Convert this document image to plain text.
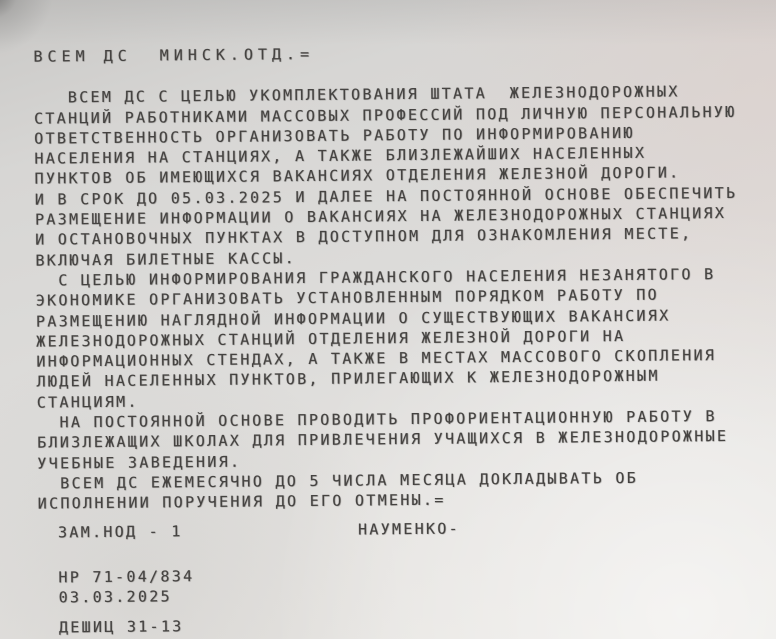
ВСЕМ ДС  МИНСК.ОТД.=
ВСЕМ ДС С ЦЕЛЬЮ УКОМПЛЕКТОВАНИЯ ШТАТА  ЖЕЛЕЗНОДОРОЖНЫХ
СТАНЦИЙ РАБОТНИКАМИ МАССОВЫХ ПРОФЕССИЙ ПОД ЛИЧНУЮ ПЕРСОНАЛЬНУЮ
ОТВЕТСТВЕННОСТЬ ОРГАНИЗОВАТЬ РАБОТУ ПО ИНФОРМИРОВАНИЮ
НАСЕЛЕНИЯ НА СТАНЦИЯХ, А ТАКЖЕ БЛИЗЛЕЖАЙШИХ НАСЕЛЕННЫХ
ПУНКТОВ ОБ ИМЕЮЩИХСЯ ВАКАНСИЯХ ОТДЕЛЕНИЯ ЖЕЛЕЗНОЙ ДОРОГИ.
И В СРОК ДО 05.03.2025 И ДАЛЕЕ НА ПОСТОЯННОЙ ОСНОВЕ ОБЕСПЕЧИТЬ
РАЗМЕЩЕНИЕ ИНФОРМАЦИИ О ВАКАНСИЯХ НА ЖЕЛЕЗНОДОРОЖНЫХ СТАНЦИЯХ
И ОСТАНОВОЧНЫХ ПУНКТАХ В ДОСТУПНОМ ДЛЯ ОЗНАКОМЛЕНИЯ МЕСТЕ,
ВКЛЮЧАЯ БИЛЕТНЫЕ КАССЫ.
С ЦЕЛЬЮ ИНФОРМИРОВАНИЯ ГРАЖДАНСКОГО НАСЕЛЕНИЯ НЕЗАНЯТОГО В
ЭКОНОМИКЕ ОРГАНИЗОВАТЬ УСТАНОВЛЕННЫМ ПОРЯДКОМ РАБОТУ ПО
РАЗМЕЩЕНИЮ НАГЛЯДНОЙ ИНФОРМАЦИИ О СУЩЕСТВУЮЩИХ ВАКАНСИЯХ
ЖЕЛЕЗНОДОРОЖНЫХ СТАНЦИЙ ОТДЕЛЕНИЯ ЖЕЛЕЗНОЙ ДОРОГИ НА
ИНФОРМАЦИОННЫХ СТЕНДАХ, А ТАКЖЕ В МЕСТАХ МАССОВОГО СКОПЛЕНИЯ
ЛЮДЕЙ НАСЕЛЕННЫХ ПУНКТОВ, ПРИЛЕГАЮЩИХ К ЖЕЛЕЗНОДОРОЖНЫМ
СТАНЦИЯМ.
НА ПОСТОЯННОЙ ОСНОВЕ ПРОВОДИТЬ ПРОФОРИЕНТАЦИОННУЮ РАБОТУ В
БЛИЗЛЕЖАЩИХ ШКОЛАХ ДЛЯ ПРИВЛЕЧЕНИЯ УЧАЩИХСЯ В ЖЕЛЕЗНОДОРОЖНЫЕ
УЧЕБНЫЕ ЗАВЕДЕНИЯ.
ВСЕМ ДС ЕЖЕМЕСЯЧНО ДО 5 ЧИСЛА МЕСЯЦА ДОКЛАДЫВАТЬ ОБ
ИСПОЛНЕНИИ ПОРУЧЕНИЯ ДО ЕГО ОТМЕНЫ.=
ЗАМ.НОД - 1	НАУМЕНКО-
НР 71-04/834
03.03.2025
ДЕШИЦ 31-13
